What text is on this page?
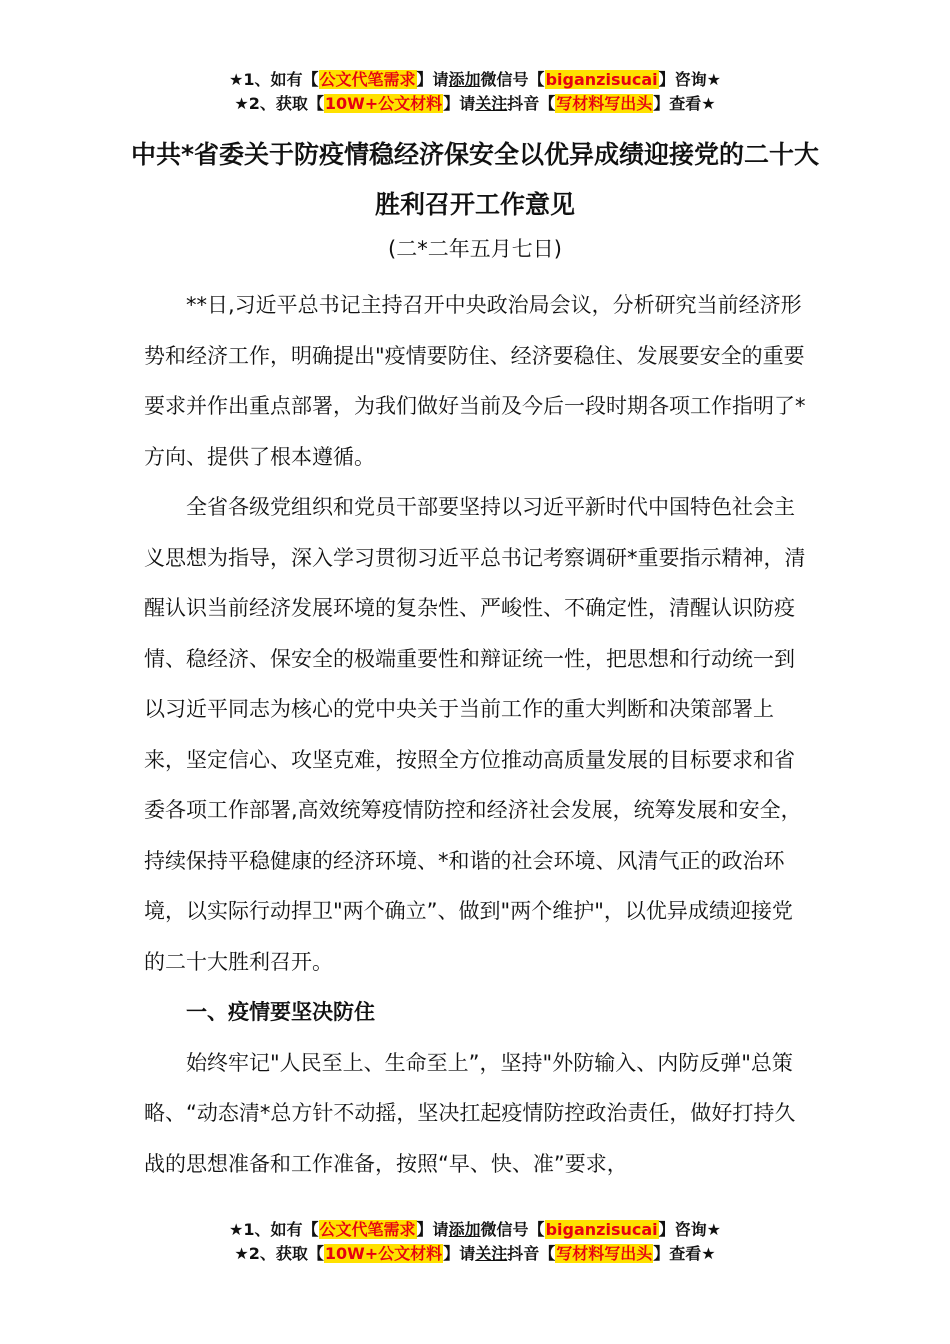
★1、如有【公文代笔需求】请添加微信号【biganzisucai】咨询★
★2、获取【10W+公文材料】请关注抖音【写材料写出头】查看★
中共*省委关于防疫情稳经济保安全以优异成绩迎接党的二十大胜利召开工作意见
(二*二年五月七日)

**日,习近平总书记主持召开中央政治局会议，分析研究当前经济形势和经济工作，明确提出"疫情要防住、经济要稳住、发展要安全的重要要求并作出重点部署，为我们做好当前及今后一段时期各项工作指明了*方向、提供了根本遵循。

全省各级党组织和党员干部要坚持以习近平新时代中国特色社会主义思想为指导，深入学习贯彻习近平总书记考察调研*重要指示精神，清醒认识当前经济发展环境的复杂性、严峻性、不确定性，清醒认识防疫情、稳经济、保安全的极端重要性和辩证统一性，把思想和行动统一到以习近平同志为核心的党中央关于当前工作的重大判断和决策部署上来，坚定信心、攻坚克难，按照全方位推动高质量发展的目标要求和省委各项工作部署,高效统筹疫情防控和经济社会发展，统筹发展和安全，持续保持平稳健康的经济环境、*和谐的社会环境、风清气正的政治环境，以实际行动捍卫"两个确立”、做到"两个维护"，以优异成绩迎接党的二十大胜利召开。

一、疫情要坚决防住

始终牢记"人民至上、生命至上”，坚持"外防输入、内防反弹"总策略、“动态清*总方针不动摇，坚决扛起疫情防控政治责任，做好打持久战的思想准备和工作准备，按照“早、快、准”要求，

★1、如有【公文代笔需求】请添加微信号【biganzisucai】咨询★
★2、获取【10W+公文材料】请关注抖音【写材料写出头】查看★
